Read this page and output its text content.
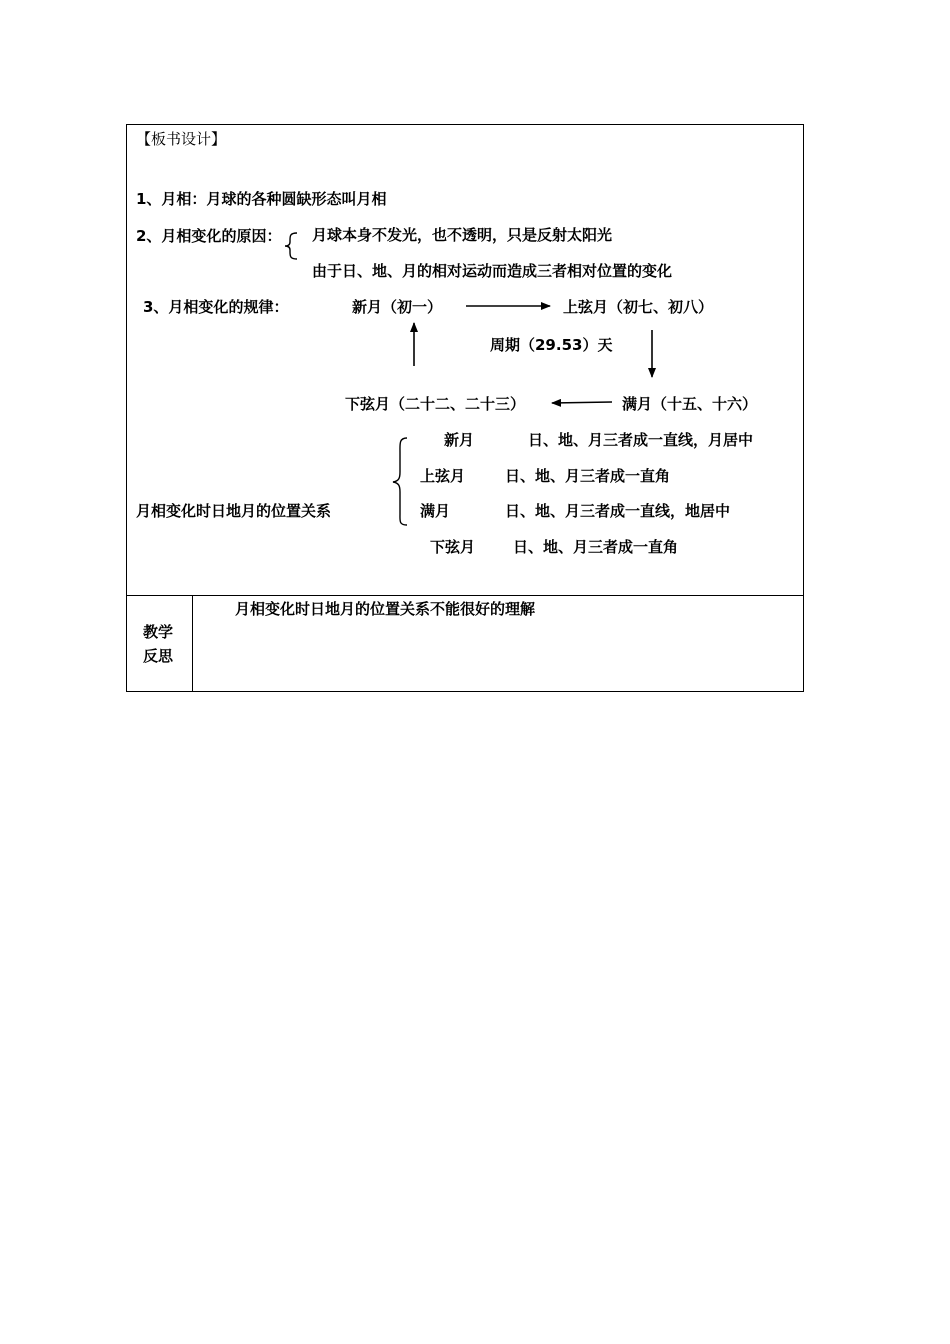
【板书设计】
1、月相：月球的各种圆缺形态叫月相
2、月相变化的原因： 月球本身不发光，也不透明，只是反射太阳光
由于日、地、月的相对运动而造成三者相对位置的变化
3、月相变化的规律：	新月（初一）	上弦月（初七、初八）
周期（29.53）天
满月（十五、十六）
下弦月（二十二、二十三）
新月	日、地、月三者成一直线，月居中
上弦月	日、地、月三者成一直角
月相变化时日地月的位置关系	满月	日、地、月三者成一直线，地居中
下弦月	日、地、月三者成一直角
教学
反思
月相变化时日地月的位置关系不能很好的理解
